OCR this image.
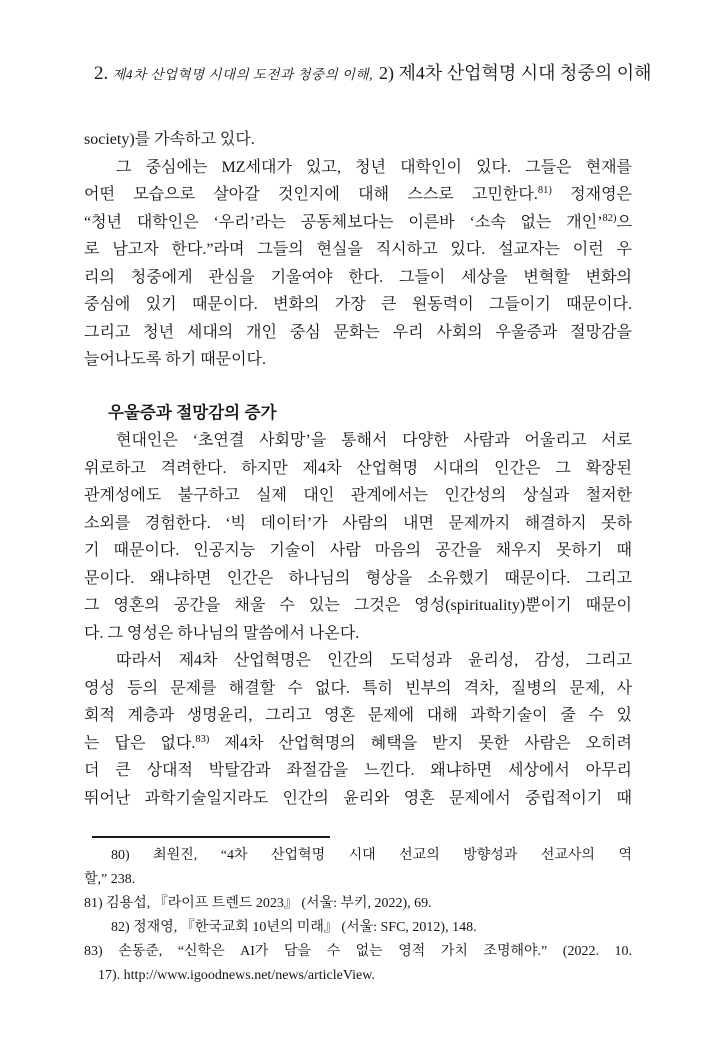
2. 제4차 산업혁명 시대의 도전과 청중의 이해, 2) 제4차 산업혁명 시대 청중의 이해
society)를 가속하고 있다.
그 중심에는 MZ세대가 있고, 청년 대학인이 있다. 그들은 현재를
어떤 모습으로 살아갈 것인지에 대해 스스로 고민한다.$^{81)}$ 정재영은
“청년 대학인은 ‘우리’라는 공동체보다는 이른바 ‘소속 없는 개인’$^{82)}$으
로 남고자 한다.”라며 그들의 현실을 직시하고 있다. 설교자는 이런 우
리의 청중에게 관심을 기울여야 한다. 그들이 세상을 변혁할 변화의
중심에 있기 때문이다. 변화의 가장 큰 원동력이 그들이기 때문이다.
그리고 청년 세대의 개인 중심 문화는 우리 사회의 우울증과 절망감을
늘어나도록 하기 때문이다.
우울증과 절망감의 증가
현대인은 ‘초연결 사회망’을 통해서 다양한 사람과 어울리고 서로
위로하고 격려한다. 하지만 제4차 산업혁명 시대의 인간은 그 확장된
관계성에도 불구하고 실제 대인 관계에서는 인간성의 상실과 철저한
소외를 경험한다. ‘빅 데이터’가 사람의 내면 문제까지 해결하지 못하
기 때문이다. 인공지능 기술이 사람 마음의 공간을 채우지 못하기 때
문이다. 왜냐하면 인간은 하나님의 형상을 소유했기 때문이다. 그리고
그 영혼의 공간을 채울 수 있는 그것은 영성(spirituality)뿐이기 때문이
다. 그 영성은 하나님의 말씀에서 나온다.
따라서 제4차 산업혁명은 인간의 도덕성과 윤리성, 감성, 그리고
영성 등의 문제를 해결할 수 없다. 특히 빈부의 격차, 질병의 문제, 사
회적 계층과 생명윤리, 그리고 영혼 문제에 대해 과학기술이 줄 수 있
는 답은 없다.$^{83)}$ 제4차 산업혁명의 혜택을 받지 못한 사람은 오히려
더 큰 상대적 박탈감과 좌절감을 느낀다. 왜냐하면 세상에서 아무리
뛰어난 과학기술일지라도 인간의 윤리와 영혼 문제에서 중립적이기 때
80) 최원진, “4차 산업혁명 시대 선교의 방향성과 선교사의 역
할,” 238.
81) 김용섭, 『라이프 트렌드 2023』 (서울: 부키, 2022), 69.
82) 정재영, 『한국교회 10년의 미래』 (서울: SFC, 2012), 148.
83) 손동준, “신학은 AI가 담을 수 없는 영적 가치 조명해야.” (2022. 10.
17). http://www.igoodnews.net/news/articleView.
